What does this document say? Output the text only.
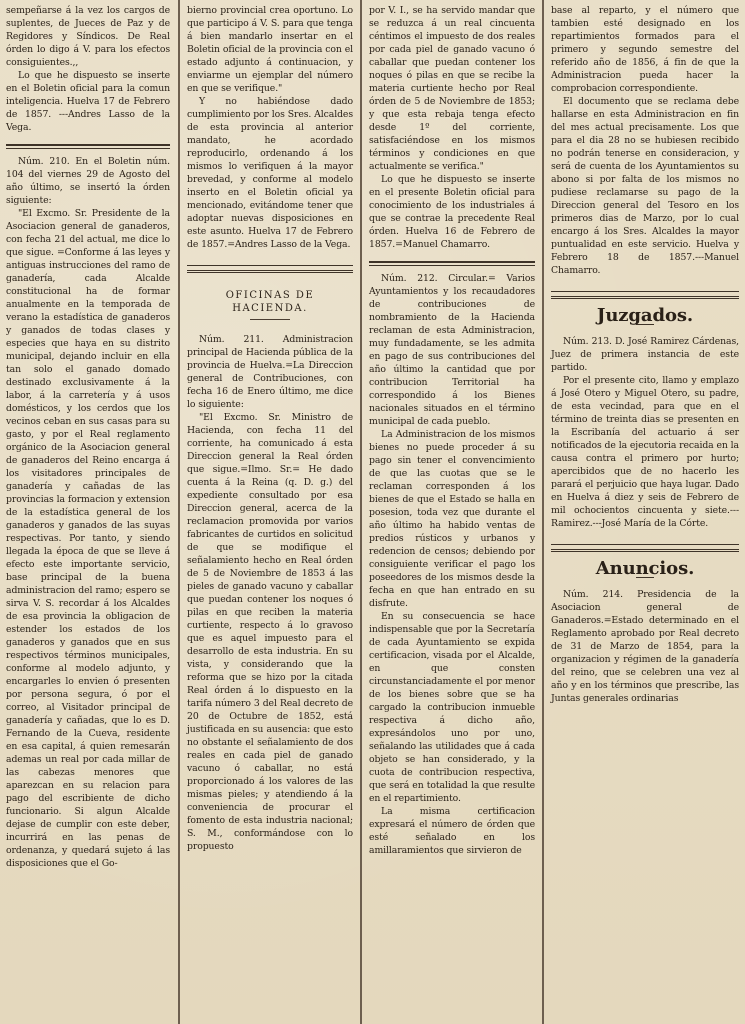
sempeñarse á la vez los cargos de suplentes, de Jueces de Paz y de Regidores y Síndicos. De Real órden lo digo á V. para los efectos consiguientes.,,

Lo que he dispuesto se inserte en el Boletin oficial para la comun inteligencia. Huelva 17 de Febrero de 1857. ---Andres Lasso de la Vega.

Núm. 210. En el Boletin núm. 104 del viernes 29 de Agosto del año último, se insertó la órden siguiente:

"El Excmo. Sr. Presidente de la Asociacion general de ganaderos, con fecha 21 del actual, me dice lo que sigue. =Conforme á las leyes y antiguas instrucciones del ramo de ganadería, cada Alcalde constitucional ha de formar anualmente en la temporada de verano la estadística de ganaderos y ganados de todas clases y especies que haya en su distrito municipal, dejando incluir en ella tan solo el ganado domado destinado exclusivamente á la labor, á la carretería y á usos domésticos, y los cerdos que los vecinos ceban en sus casas para su gasto, y por el Real reglamento orgánico de la Asociacion general de ganaderos del Reino encarga á los visitadores principales de ganadería y cañadas de las provincias la formacion y extension de la estadística general de los ganaderos y ganados de las suyas respectivas. Por tanto, y siendo llegada la época de que se lleve á efecto este importante servicio, base principal de la buena administracion del ramo; espero se sirva V. S. recordar á los Alcaldes de esa provincia la obligacion de estender los estados de los ganaderos y ganados que en sus respectivos términos municipales, conforme al modelo adjunto, y encargarles lo envien ó presenten por persona segura, ó por el correo, al Visitador principal de ganadería y cañadas, que lo es D. Fernando de la Cueva, residente en esa capital, á quien remesarán ademas un real por cada millar de las cabezas menores que aparezcan en su relacion para pago del escribiente de dicho funcionario. Si algun Alcalde dejase de cumplir con este deber, incurrirá en las penas de ordenanza, y quedará sujeto á las disposiciones que el Go-

bierno provincial crea oportuno. Lo que participo á V. S. para que tenga á bien mandarlo insertar en el Boletin oficial de la provincia con el estado adjunto á continuacion, y enviarme un ejemplar del número en que se verifique."

Y no habiéndose dado cumplimiento por los Sres. Alcaldes de esta provincia al anterior mandato, he acordado reproducirlo, ordenando á los mismos lo verifiquen á la mayor brevedad, y conforme al modelo inserto en el Boletin oficial ya mencionado, evitándome tener que adoptar nuevas disposiciones en este asunto. Huelva 17 de Febrero de 1857.=Andres Lasso de la Vega.

OFICINAS DE HACIENDA.

Núm. 211. Administracion principal de Hacienda pública de la provincia de Huelva.=La Direccion general de Contribuciones, con fecha 16 de Enero último, me dice lo siguiente:

"El Excmo. Sr. Ministro de Hacienda, con fecha 11 del corriente, ha comunicado á esta Direccion general la Real órden que sigue.=Ilmo. Sr.= He dado cuenta á la Reina (q. D. g.) del expediente consultado por esa Direccion general, acerca de la reclamacion promovida por varios fabricantes de curtidos en solicitud de que se modifique el señalamiento hecho en Real órden de 5 de Noviembre de 1853 á las pieles de ganado vacuno y caballar que puedan contener los noques ó pilas en que reciben la materia curtiente, respecto á lo gravoso que es aquel impuesto para el desarrollo de esta industria. En su vista, y considerando que la reforma que se hizo por la citada Real órden á lo dispuesto en la tarifa número 3 del Real decreto de 20 de Octubre de 1852, está justificada en su ausencia: que esto no obstante el señalamiento de dos reales en cada piel de ganado vacuno ó caballar, no está proporcionado á los valores de las mismas pieles; y atendiendo á la conveniencia de procurar el fomento de esta industria nacional; S. M., conformándose con lo propuesto

por V. I., se ha servido mandar que se reduzca á un real cincuenta céntimos el impuesto de dos reales por cada piel de ganado vacuno ó caballar que puedan contener los noques ó pilas en que se recibe la materia curtiente hecho por Real órden de 5 de Noviembre de 1853; y que esta rebaja tenga efecto desde 1º del corriente, satisfaciéndose en los mismos términos y condiciones en que actualmente se verifica."

Lo que he dispuesto se inserte en el presente Boletin oficial para conocimiento de los industriales á que se contrae la precedente Real órden. Huelva 16 de Febrero de 1857.=Manuel Chamarro.

Núm. 212. Circular.= Varios Ayuntamientos y los recaudadores de contribuciones de nombramiento de la Hacienda reclaman de esta Administracion, muy fundadamente, se les admita en pago de sus contribuciones del año último la cantidad que por contribucion Territorial ha correspondido á los Bienes nacionales situados en el término municipal de cada pueblo.

La Administracion de los mismos bienes no puede proceder á su pago sin tener el convencimiento de que las cuotas que se le reclaman corresponden á los bienes de que el Estado se halla en posesion, toda vez que durante el año último ha habido ventas de predios rústicos y urbanos y redencion de censos; debiendo por consiguiente verificar el pago los poseedores de los mismos desde la fecha en que han entrado en su disfrute.

En su consecuencia se hace indispensable que por la Secretaría de cada Ayuntamiento se expida certificacion, visada por el Alcalde, en que consten circunstanciadamente el por menor de los bienes sobre que se ha cargado la contribucion inmueble respectiva á dicho año, expresándolos uno por uno, señalando las utilidades que á cada objeto se han considerado, y la cuota de contribucion respectiva, que será en totalidad la que resulte en el repartimiento.

La misma certificacion expresará el número de órden que esté señalado en los amillaramientos que sirvieron de

base al reparto, y el número que tambien esté designado en los repartimientos formados para el primero y segundo semestre del referido año de 1856, á fin de que la Administracion pueda hacer la comprobacion correspondiente.

El documento que se reclama debe hallarse en esta Administracion en fin del mes actual precisamente. Los que para el dia 28 no se hubiesen recibido no podrán tenerse en consideracion, y será de cuenta de los Ayuntamientos su abono si por falta de los mismos no pudiese reclamarse su pago de la Direccion general del Tesoro en los primeros dias de Marzo, por lo cual encargo á los Sres. Alcaldes la mayor puntualidad en este servicio. Huelva y Febrero 18 de 1857.---Manuel Chamarro.

Juzgados.

Núm. 213. D. José Ramirez Cárdenas, Juez de primera instancia de este partido.

Por el presente cito, llamo y emplazo á José Otero y Miguel Otero, su padre, de esta vecindad, para que en el término de treinta dias se presenten en la Escribanía del actuario á ser notificados de la ejecutoria recaida en la causa contra el primero por hurto; apercibidos que de no hacerlo les parará el perjuicio que haya lugar. Dado en Huelva á diez y seis de Febrero de mil ochocientos cincuenta y siete.---Ramirez.---José María de la Córte.

Anuncios.

Núm. 214. Presidencia de la Asociacion general de Ganaderos.=Estado determinado en el Reglamento aprobado por Real decreto de 31 de Marzo de 1854, para la organizacion y régimen de la ganadería del reino, que se celebren una vez al año y en los términos que prescribe, las Juntas generales ordinarias
